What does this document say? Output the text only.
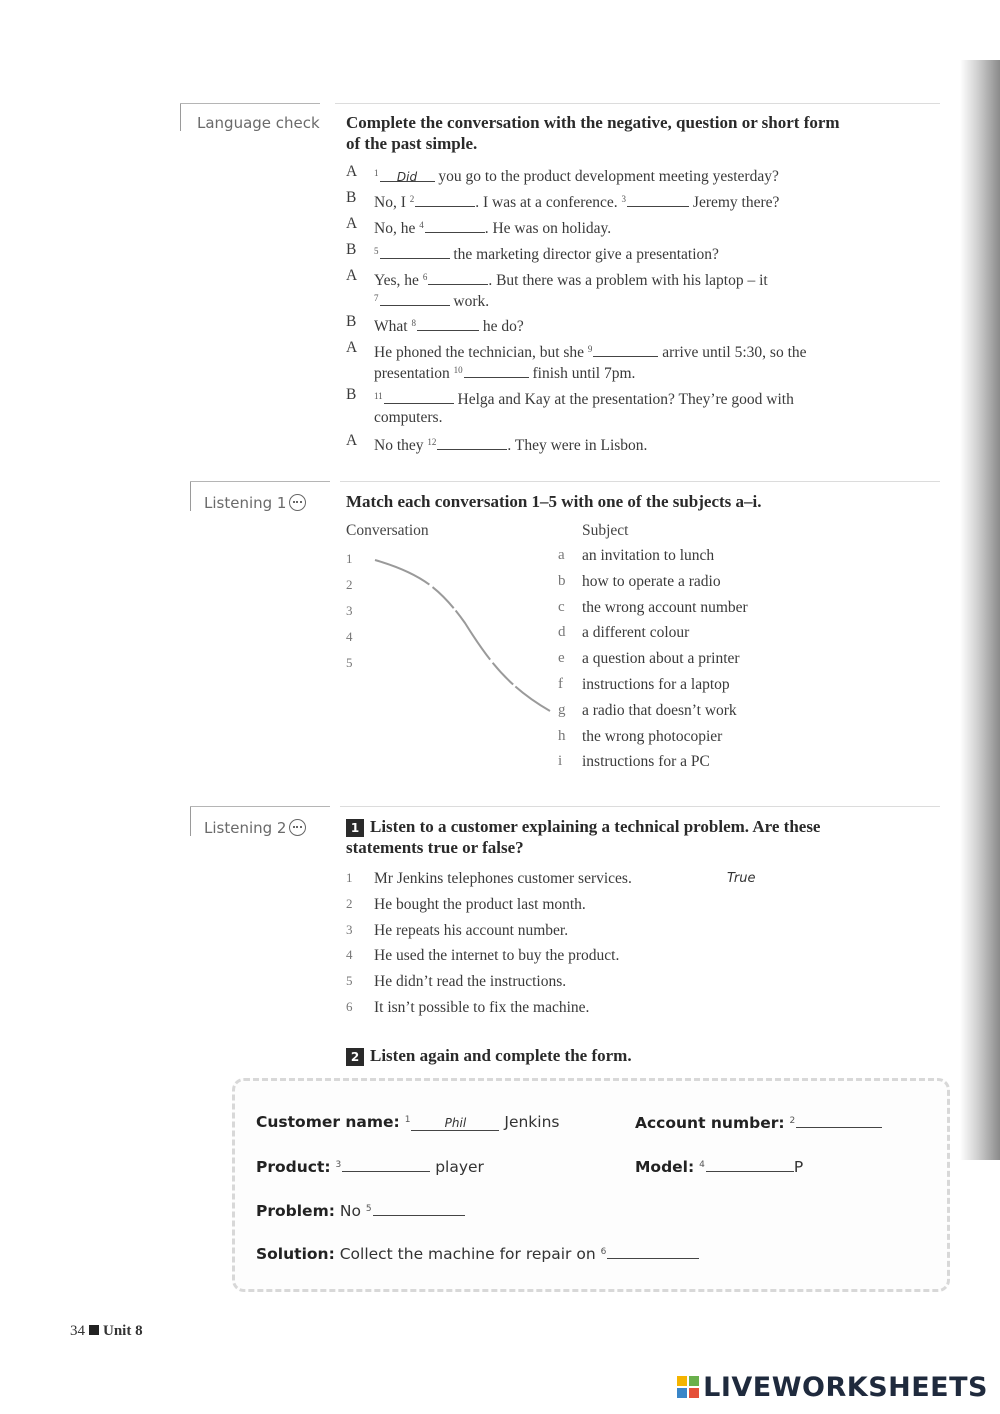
Language check Complete the conversation with the negative, question or short form
of the past simple.
A $^1$ Did you go to the product development meeting yesterday?
B No, I $^2$	. I was at a conference. $^3$	Jeremy there?
A No, he $^4$	. He was on holiday.
B $^5$	the marketing director give a presentation?
A Yes, he $^6$	. But there was a problem with his laptop – it
$^7$	work.
B What $^8$	he do?
A He phoned the technician, but she $^9$	arrive until 5:30, so the
presentation $^{10}$	finish until 7pm.
B $^{11}$	Helga and Kay at the presentation? They’re good with
computers.
A No they $^{12}$	. They were in Lisbon.
Listening 1	Match each conversation 1–5 with one of the subjects a–i.
Conversation	Subject
1
2
3
4
5
a an invitation to lunch
b how to operate a radio
c the wrong account number
d a different colour
e a question about a printer
f instructions for a laptop
g a radio that doesn’t work
h the wrong photocopier
i instructions for a PC
Listening 2	1 Listen to a customer explaining a technical problem. Are these
statements true or false?
1 Mr Jenkins telephones customer services.
2 He bought the product last month.
3 He repeats his account number.
4 He used the internet to buy the product.
5 He didn’t read the instructions.
6 It isn’t possible to fix the machine.
True
2 Listen again and complete the form.
Customer name: $^1$	Phil Jenkins	Account number: $^2$
Product: $^3$	player	Model: $^4$	P
Problem: No $^5$
Solution: Collect the machine for repair on $^6$
34 Unit 8
LIVEWORKSHEETS
